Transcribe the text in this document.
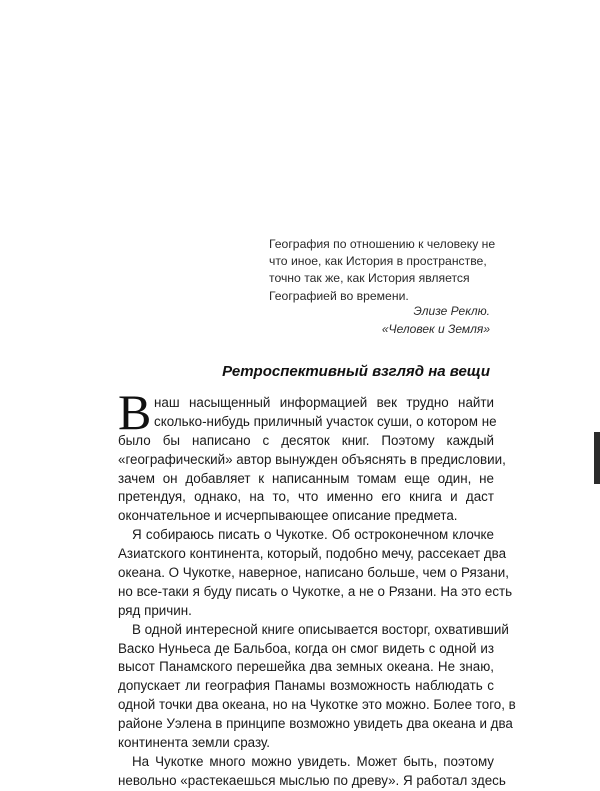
География по отношению к человеку не
что иное, как История в пространстве,
точно так же, как История является
Географией во времени.
Элизе Реклю.
«Человек и Земля»
Ретроспективный взгляд на вещи
В наш насыщенный информацией век трудно найти
сколько-нибудь приличный участок суши, о котором не
было бы написано с десяток книг. Поэтому каждый
«географический» автор вынужден объяснять в предисловии,
зачем он добавляет к написанным томам еще один, не
претендуя, однако, на то, что именно его книга и даст
окончательное и исчерпывающее описание предмета.
Я собираюсь писать о Чукотке. Об остроконечном клочке
Азиатского континента, который, подобно мечу, рассекает два
океана. О Чукотке, наверное, написано больше, чем о Рязани,
но все-таки я буду писать о Чукотке, а не о Рязани. На это есть
ряд причин.
В одной интересной книге описывается восторг, охвативший
Васко Нуньеса де Бальбоа, когда он смог видеть с одной из
высот Панамского перешейка два земных океана. Не знаю,
допускает ли география Панамы возможность наблюдать с
одной точки два океана, но на Чукотке это можно. Более того, в
районе Уэлена в принципе возможно увидеть два океана и два
континента земли сразу.
На Чукотке много можно увидеть. Может быть, поэтому
невольно «растекаешься мыслью по древу». Я работал здесь
